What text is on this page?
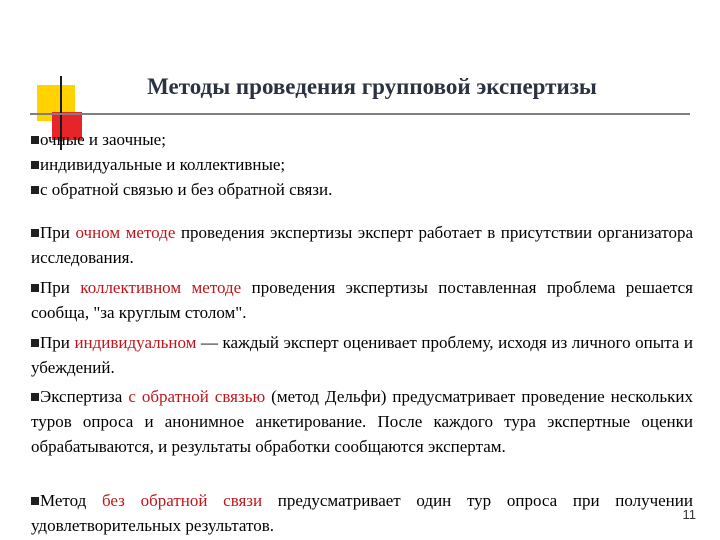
Методы проведения групповой экспертизы
очные и заочные;
индивидуальные и коллективные;
с обратной связью и без обратной связи.
При очном методе проведения экспертизы эксперт работает в присутствии организатора исследования.
При коллективном методе проведения экспертизы поставленная проблема решается сообща, "за круглым столом".
При индивидуальном — каждый эксперт оценивает проблему, исходя из личного опыта и убеждений.
Экспертиза с обратной связью (метод Дельфи) предусматривает проведение нескольких туров опроса и анонимное анкетирование. После каждого тура экспертные оценки обрабатываются, и результаты обработки сообщаются экспертам.
Метод без обратной связи предусматривает один тур опроса при получении удовлетворительных результатов.
11
